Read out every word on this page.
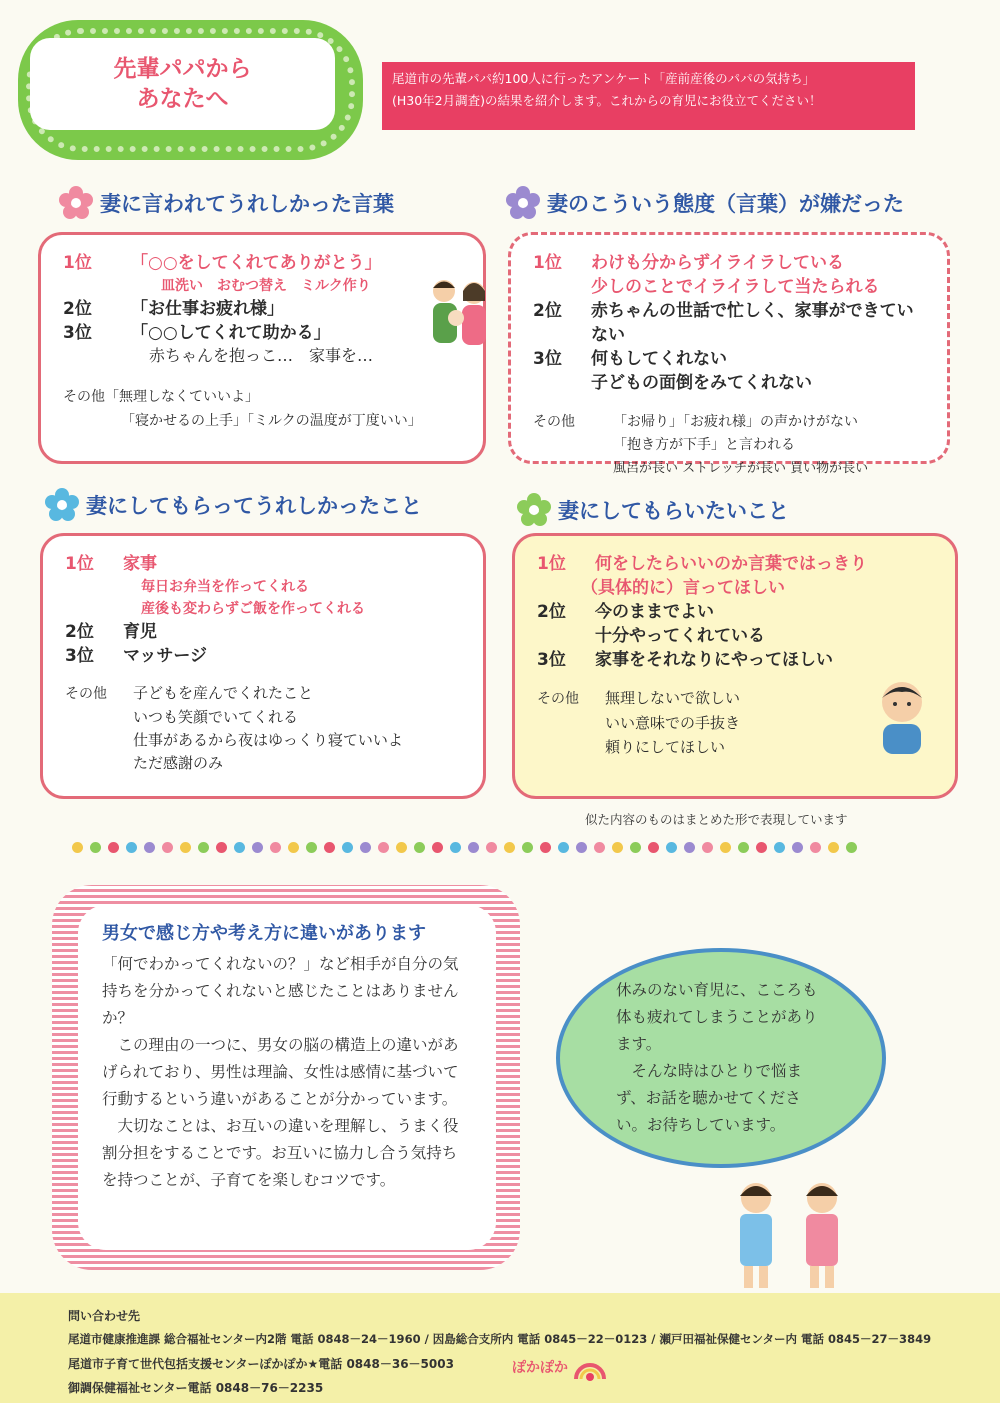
先輩パパから
あなたへ
尾道市の先輩パパ約100人に行ったアンケート「産前産後のパパの気持ち」
(H30年2月調査)の結果を紹介します。これからの育児にお役立てください！
妻に言われてうれしかった言葉
1位	「○○をしてくれてありがとう」
皿洗い　おむつ替え　ミルク作り
2位	「お仕事お疲れ様」
3位	「○○してくれて助かる」
赤ちゃんを抱っこ…　家事を…
その他「無理しなくていいよ」
「寝かせるの上手」「ミルクの温度が丁度いい」
妻のこういう態度（言葉）が嫌だった
1位	わけも分からずイライラしている
少しのことでイライラして当たられる
2位	赤ちゃんの世話で忙しく、家事ができていない
3位	何もしてくれない
子どもの面倒をみてくれない
その他	「お帰り」「お疲れ様」の声かけがない
「抱き方が下手」と言われる
風呂が長い ストレッチが長い 買い物が長い
妻にしてもらってうれしかったこと
1位	家事
毎日お弁当を作ってくれる
産後も変わらずご飯を作ってくれる
2位	育児
3位	マッサージ
その他 子どもを産んでくれたこと
いつも笑顔でいてくれる
仕事があるから夜はゆっくり寝ていいよ
ただ感謝のみ
妻にしてもらいたいこと
1位	何をしたらいいのか言葉ではっきり
（具体的に）言ってほしい
2位	今のままでよい
十分やってくれている
3位	家事をそれなりにやってほしい
その他 無理しないで欲しい
いい意味での手抜き
頼りにしてほしい
似た内容のものはまとめた形で表現しています
男女で感じ方や考え方に違いがあります
「何でわかってくれないの？」など相手が自分の気持ちを分かってくれないと感じたことはありませんか？
この理由の一つに、男女の脳の構造上の違いがあげられており、男性は理論、女性は感情に基づいて行動するという違いがあることが分かっています。
大切なことは、お互いの違いを理解し、うまく役割分担をすることです。お互いに協力し合う気持ちを持つことが、子育てを楽しむコツです。
休みのない育児に、こころも体も疲れてしまうことがあります。
　そんな時はひとりで悩まず、お話を聴かせてください。お待ちしています。
問い合わせ先
尾道市健康推進課 総合福祉センター内2階 電話 0848－24－1960 / 因島総合支所内 電話 0845－22－0123 / 瀬戸田福祉保健センター内 電話 0845－27－3849
尾道市子育て世代包括支援センターぽかぽか★電話 0848－36－5003
御調保健福祉センター電話 0848－76－2235
ぽかぽか
